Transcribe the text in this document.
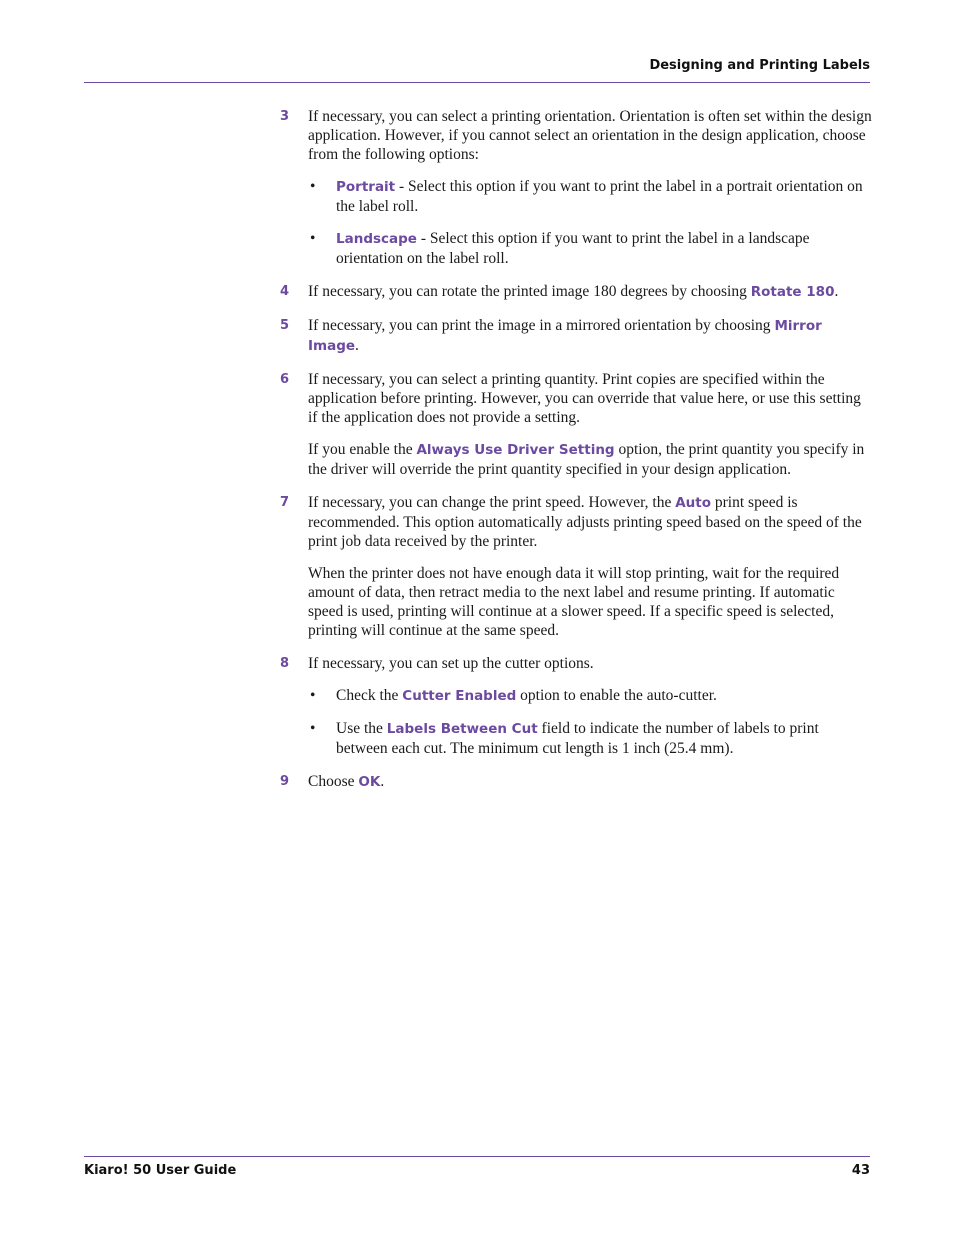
Designing and Printing Labels
3 If necessary, you can select a printing orientation. Orientation is often set within the design application. However, if you cannot select an orientation in the design application, choose from the following options:

• Portrait - Select this option if you want to print the label in a portrait orientation on the label roll.
• Landscape - Select this option if you want to print the label in a landscape orientation on the label roll.
4 If necessary, you can rotate the printed image 180 degrees by choosing Rotate 180.

5 If necessary, you can print the image in a mirrored orientation by choosing Mirror Image.

6 If necessary, you can select a printing quantity. Print copies are specified within the application before printing. However, you can override that value here, or use this setting if the application does not provide a setting.

If you enable the Always Use Driver Setting option, the print quantity you specify in the driver will override the print quantity specified in your design application.

7 If necessary, you can change the print speed. However, the Auto print speed is recommended. This option automatically adjusts printing speed based on the speed of the print job data received by the printer.

When the printer does not have enough data it will stop printing, wait for the required amount of data, then retract media to the next label and resume printing. If automatic speed is used, printing will continue at a slower speed. If a specific speed is selected, printing will continue at the same speed.

8 If necessary, you can set up the cutter options.

• Check the Cutter Enabled option to enable the auto-cutter.
• Use the Labels Between Cut field to indicate the number of labels to print between each cut. The minimum cut length is 1 inch (25.4 mm).
9 Choose OK.

Kiaro! 50 User Guide	43
